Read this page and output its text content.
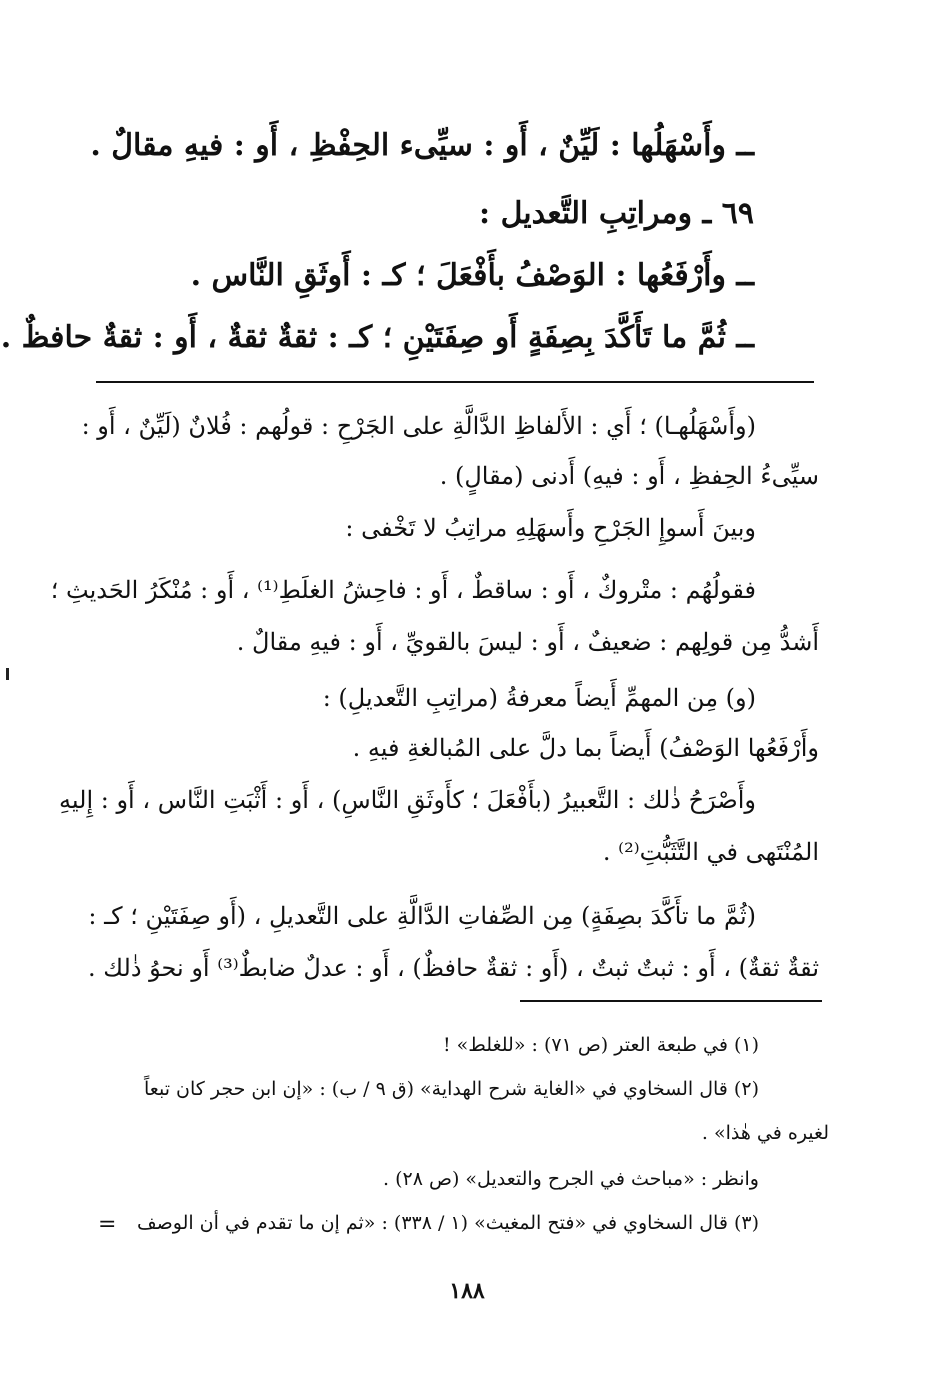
ــ وأَسْهَلُها : لَيِّنٌ ، أَو : سيِّىء الحِفْظِ ، أَو : فيهِ مقالٌ .
٦٩ ـ ومراتِبِ التَّعديل :
ــ وأَرْفَعُها : الوَصْفُ بأَفْعَلَ ؛ كـ : أَوثَقِ النَّاس .
ــ ثُمَّ ما تَأَكَّدَ بِصِفَةٍ أَو صِفَتَيْنِ ؛ كـ : ثقةٌ ثقةٌ ، أَو : ثقةٌ حافظٌ .
(وأَسْهَلُهـا) ؛ أَي : الأَلفاظِ الدَّالَّةِ على الجَرْحِ : قولُهم : فُلانٌ (لَيِّنٌ ، أَو :
سيِّىءُ الحِفظِ ، أَو : فيهِ) أَدنى (مقالٍ) .
وبينَ أَسوإِ الجَرْحِ وأَسهَلِهِ مراتِبُ لا تَخْفى :
فقولُهُم : متْروكٌ ، أَو : ساقطٌ ، أَو : فاحِشُ الغلَطِ⁽¹⁾ ، أَو : مُنْكَرُ الحَديثِ ؛
أَشدُّ مِن قولِهم : ضعيفٌ ، أَو : ليسَ بالقويِّ ، أَو : فيهِ مقالٌ .
(و) مِن المهمِّ أَيضاً معرفةُ (مراتِبِ التَّعديلِ) :
وأَرْفَعُها الوَصْفُ) أَيضاً بما دلَّ على المُبالغةِ فيهِ .
وأَصْرَحُ ذٰلك : التَّعبيرُ (بأَفْعَلَ ؛ كأَوثَقِ النَّاسِ) ، أَو : أَثْبَتِ النَّاس ، أَو : إِليهِ
المُنْتَهى في التَّثَبُّتِ⁽²⁾ .
(ثُمَّ ما تأَكَّدَ بصِفَةٍ) مِن الصِّفاتِ الدَّالَّةِ على التَّعديلِ ، (أَو صِفَتَيْنِ ؛ كـ :
ثقةٌ ثقةٌ) ، أَو : ثبتٌ ثبتٌ ، (أَو : ثقةٌ حافظٌ) ، أَو : عدلٌ ضابطٌ⁽³⁾ أَو نحوُ ذٰلك .
(١) في طبعة العتر (ص ٧١) : «للغلط» !
(٢) قال السخاوي في «الغاية شرح الهداية» (ق ٩ / ب) : «إن ابن حجر كان تبعاً
لغيره في هٰذا» .
وانظر : «مباحث في الجرح والتعديل» (ص ٢٨) .
(٣) قال السخاوي في «فتح المغيث» (١ / ٣٣٨) : «ثم إن ما تقدم في أن الوصف
=
١٨٨
